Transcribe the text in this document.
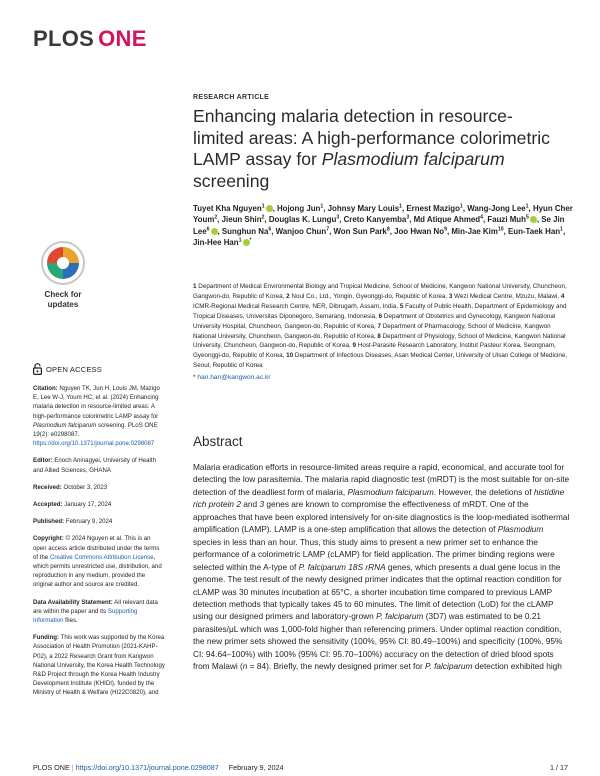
PLOS ONE
RESEARCH ARTICLE
Enhancing malaria detection in resource-limited areas: A high-performance colorimetric LAMP assay for Plasmodium falciparum screening
Tuyet Kha Nguyen$^1$ , Hojong Jun$^1$, Johnsy Mary Louis$^1$, Ernest Mazigo$^1$, Wang-Jong Lee$^1$, Hyun Cher Youm$^2$, Jieun Shin$^2$, Douglas K. Lungu$^3$, Creto Kanyemba$^3$, Md Atique Ahmed$^4$, Fauzi Muh$^5$ , Se Jin Lee$^6$ , Sunghun Na$^6$, Wanjoo Chun$^7$, Won Sun Park$^8$, Joo Hwan No$^9$, Min-Jae Kim$^{10}$, Eun-Taek Han$^1$, Jin-Hee Han$^1$ *
1 Department of Medical Environmental Biology and Tropical Medicine, School of Medicine, Kangwon National University, Chuncheon, Gangwon-do, Republic of Korea, 2 Noul Co., Ltd., Yongin, Gyeonggi-do, Republic of Korea, 3 Wezi Medical Centre, Mzuzu, Malawi, 4 ICMR-Regional Medical Research Centre, NER, Dibrugarh, Assam, India, 5 Faculty of Public Health, Department of Epidemiology and Tropical Diseases, Universitas Diponegoro, Semarang, Indonesia, 6 Department of Obstetrics and Gynecology, Kangwon National University Hospital, Chuncheon, Gangwon-do, Republic of Korea, 7 Department of Pharmacology, School of Medicine, Kangwon National University, Chuncheon, Gangwon-do, Republic of Korea, 8 Department of Physiology, School of Medicine, Kangwon National University, Chuncheon, Gangwon-do, Republic of Korea, 9 Host-Parasite Research Laboratory, Institut Pasteur Korea, Seongnam, Gyeonggi-do, Republic of Korea, 10 Department of Infectious Diseases, Asan Medical Center, University of Ulsan College of Medicine, Seoul, Republic of Korea
* han.han@kangwon.ac.kr
Abstract

Malaria eradication efforts in resource-limited areas require a rapid, economical, and accurate tool for detecting the low parasitemia. The malaria rapid diagnostic test (mRDT) is the most suitable for on-site detection of the deadliest form of malaria, Plasmodium falciparum. However, the deletions of histidine rich protein 2 and 3 genes are known to compromise the effectiveness of mRDT. One of the approaches that have been explored intensively for on-site diagnostics is the loop-mediated isothermal amplification (LAMP). LAMP is a one-step amplification that allows the detection of Plasmodium species in less than an hour. Thus, this study aims to present a new primer set to enhance the performance of a colorimetric LAMP (cLAMP) for field application. The primer binding regions were selected within the A-type of P. falciparum 18S rRNA genes, which presents a dual gene locus in the genome. The test result of the newly designed primer indicates that the optimal reaction condition for cLAMP was 30 minutes incubation at 65°C, a shorter incubation time compared to previous LAMP detection methods that typically takes 45 to 60 minutes. The limit of detection (LoD) for the cLAMP using our designed primers and laboratory-grown P. falciparum (3D7) was estimated to be 0.21 parasites/μL which was 1,000-fold higher than referencing primers. Under optimal reaction condition, the new primer sets showed the sensitivity (100%, 95% CI: 80.49–100%) and specificity (100%, 95% CI: 94.64–100%) with 100% (95% CI: 95.70–100%) accuracy on the detection of dried blood spots from Malawi (n = 84). Briefly, the newly designed primer set for P. falciparum detection exhibited high

Check for
updates
OPEN ACCESS

Citation: Nguyen TK, Jun H, Louis JM, Mazigo E, Lee W-J, Youm HC, et al. (2024) Enhancing malaria detection in resource-limited areas: A high-performance colorimetric LAMP assay for Plasmodium falciparum screening. PLoS ONE 19(2): e0298087. https://doi.org/10.1371/journal.pone.0298087

Editor: Enoch Aninagyei, University of Health and Allied Sciences, GHANA

Received: October 3, 2023

Accepted: January 17, 2024

Published: February 9, 2024

Copyright: © 2024 Nguyen et al. This is an open access article distributed under the terms of the Creative Commons Attribution License, which permits unrestricted use, distribution, and reproduction in any medium, provided the original author and source are credited.

Data Availability Statement: All relevant data are within the paper and its Supporting Information files.

Funding: This work was supported by the Korea Association of Health Promotion (2021-KAHP-P02), a 2022 Research Grant from Kangwon National University, the Korea Health Technology R&D Project through the Korea Health Industry Development Institute (KHIDI), funded by the Ministry of Health & Welfare (HI22C0820), and

PLOS ONE | https://doi.org/10.1371/journal.pone.0298087 February 9, 2024	1 / 17
